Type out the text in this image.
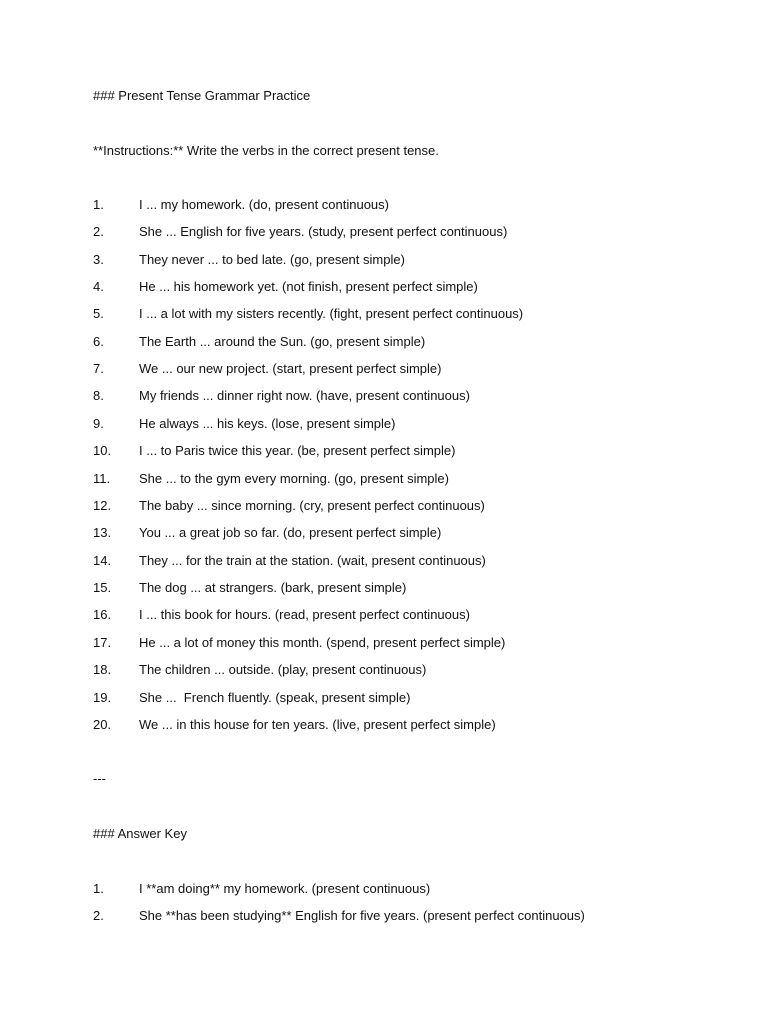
### Present Tense Grammar Practice
**Instructions:** Write the verbs in the correct present tense.
1.	I ... my homework. (do, present continuous)
2.	She ... English for five years. (study, present perfect continuous)
3.	They never ... to bed late. (go, present simple)
4.	He ... his homework yet. (not finish, present perfect simple)
5.	I ... a lot with my sisters recently. (fight, present perfect continuous)
6.	The Earth ... around the Sun. (go, present simple)
7.	We ... our new project. (start, present perfect simple)
8.	My friends ... dinner right now. (have, present continuous)
9.	He always ... his keys. (lose, present simple)
10.	I ... to Paris twice this year. (be, present perfect simple)
11.	She ... to the gym every morning. (go, present simple)
12.	The baby ... since morning. (cry, present perfect continuous)
13.	You ... a great job so far. (do, present perfect simple)
14.	They ... for the train at the station. (wait, present continuous)
15.	The dog ... at strangers. (bark, present simple)
16.	I ... this book for hours. (read, present perfect continuous)
17.	He ... a lot of money this month. (spend, present perfect simple)
18.	The children ... outside. (play, present continuous)
19.	She ...  French fluently. (speak, present simple)
20.	We ... in this house for ten years. (live, present perfect simple)
---
### Answer Key
1.	I **am doing** my homework. (present continuous)
2.	She **has been studying** English for five years. (present perfect continuous)
